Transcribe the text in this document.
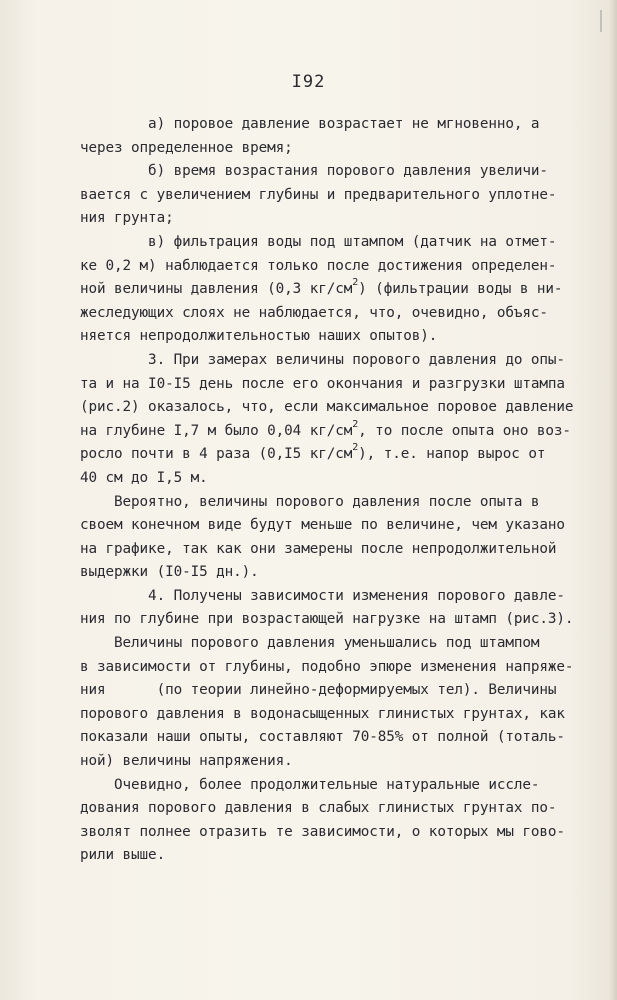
I92
а) поровое давление возрастает не мгновенно, а
через определенное время;
б) время возрастания порового давления увеличи-
вается с увеличением глубины и предварительного уплотне-
ния грунта;
в) фильтрация воды под штампом (датчик на отмет-
ке 0,2 м) наблюдается только после достижения определен-
ной величины давления (0,3 $кг/см^2$) (фильтрации воды в ни-
жеследующих слоях не наблюдается, что, очевидно, объяс-
няется непродолжительностью наших опытов).
3. При замерах величины порового давления до опы-
та и на I0-I5 день после его окончания и разгрузки штампа
(рис.2) оказалось, что, если максимальное поровое давление
на глубине I,7 м было 0,04 $кг/см^2$, то после опыта оно воз-
росло почти в 4 раза (0,I5 $кг/см^2$), т.е. напор вырос от
40 см до I,5 м.
Вероятно, величины порового давления после опыта в
своем конечном виде будут меньше по величине, чем указано
на графике, так как они замерены после непродолжительной
выдержки (I0-I5 дн.).
4. Получены зависимости изменения порового давле-
ния по глубине при возрастающей нагрузке на штамп (рис.3).
Величины порового давления уменьшались под штампом
в зависимости от глубины, подобно эпюре изменения напряже-
ния      (по теории линейно-деформируемых тел). Величины
порового давления в водонасыщенных глинистых грунтах, как
показали наши опыты, составляют 70-85% от полной (тоталь-
ной) величины напряжения.
Очевидно, более продолжительные натуральные иссле-
дования порового давления в слабых глинистых грунтах по-
зволят полнее отразить те зависимости, о которых мы гово-
рили выше.
